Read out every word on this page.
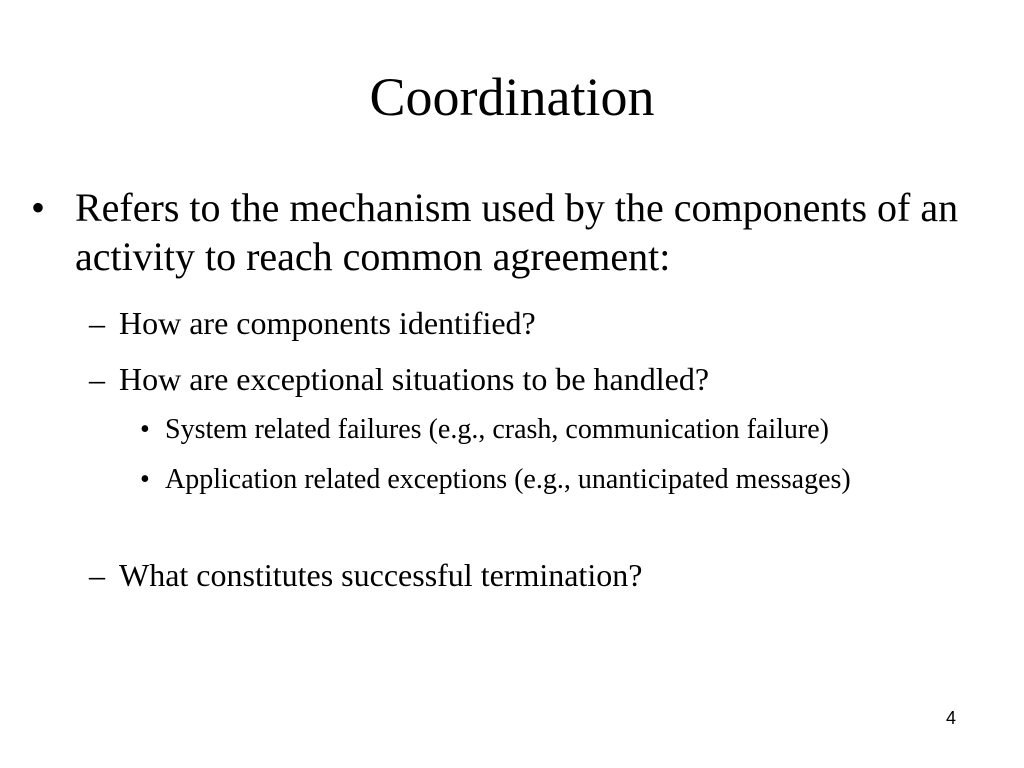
Coordination
• Refers to the mechanism used by the components of an activity to reach common agreement:
– How are components identified?
– How are exceptional situations to be handled?
• System related failures (e.g., crash, communication failure)
• Application related exceptions (e.g., unanticipated messages)
– What constitutes successful termination?
4
